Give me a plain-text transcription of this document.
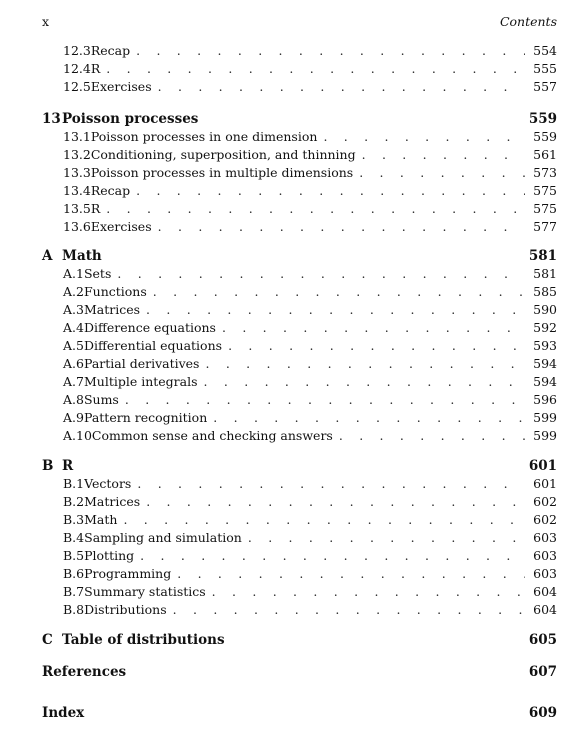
x	Contents
12.3 Recap . . .	554
12.4 R . . .	555
12.5 Exercises . . .	557
13 Poisson processes	559
13.1 Poisson processes in one dimension . . .	559
13.2 Conditioning, superposition, and thinning . . .	561
13.3 Poisson processes in multiple dimensions . . .	573
13.4 Recap . . .	575
13.5 R . . .	575
13.6 Exercises . . .	577
A Math	581
A.1 Sets . . .	581
A.2 Functions . . .	585
A.3 Matrices . . .	590
A.4 Difference equations . . .	592
A.5 Differential equations . . .	593
A.6 Partial derivatives . . .	594
A.7 Multiple integrals . . .	594
A.8 Sums . . .	596
A.9 Pattern recognition . . .	599
A.10 Common sense and checking answers . . .	599
B R	601
B.1 Vectors . . .	601
B.2 Matrices . . .	602
B.3 Math . . .	602
B.4 Sampling and simulation . . .	603
B.5 Plotting . . .	603
B.6 Programming . . .	603
B.7 Summary statistics . . .	604
B.8 Distributions . . .	604
C Table of distributions	605
References	607
Index	609
